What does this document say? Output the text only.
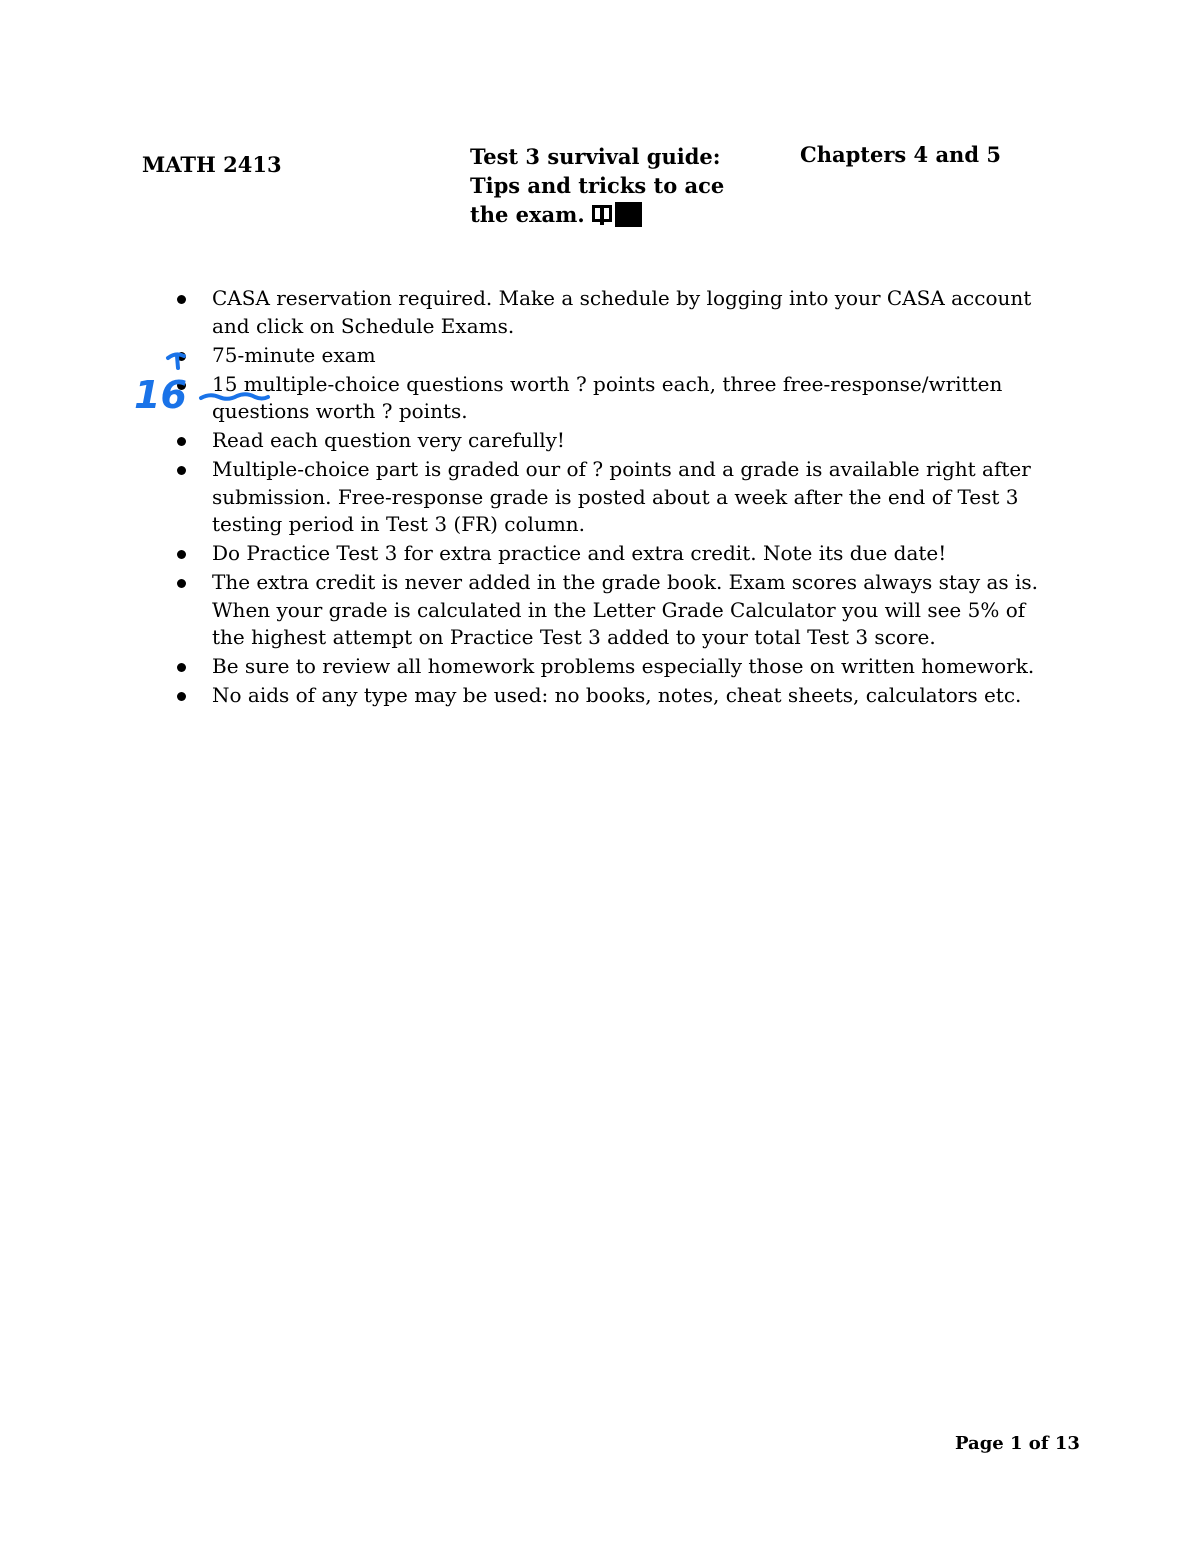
MATH 2413	Test 3 survival guide:
Tips and tricks to ace
the exam.
Chapters 4 and 5
CASA reservation required. Make a schedule by logging into your CASA account and click on Schedule Exams.
75-minute exam
15 multiple-choice questions worth ? points each, three free-response/written questions worth ? points.
Read each question very carefully!
Multiple-choice part is graded our of ? points and a grade is available right after submission. Free-response grade is posted about a week after the end of Test 3 testing period in Test 3 (FR) column.
Do Practice Test 3 for extra practice and extra credit. Note its due date!
The extra credit is never added in the grade book. Exam scores always stay as is. When your grade is calculated in the Letter Grade Calculator you will see 5% of the highest attempt on Practice Test 3 added to your total Test 3 score.
Be sure to review all homework problems especially those on written homework.
No aids of any type may be used: no books, notes, cheat sheets, calculators etc.
16
Page 1 of 13
